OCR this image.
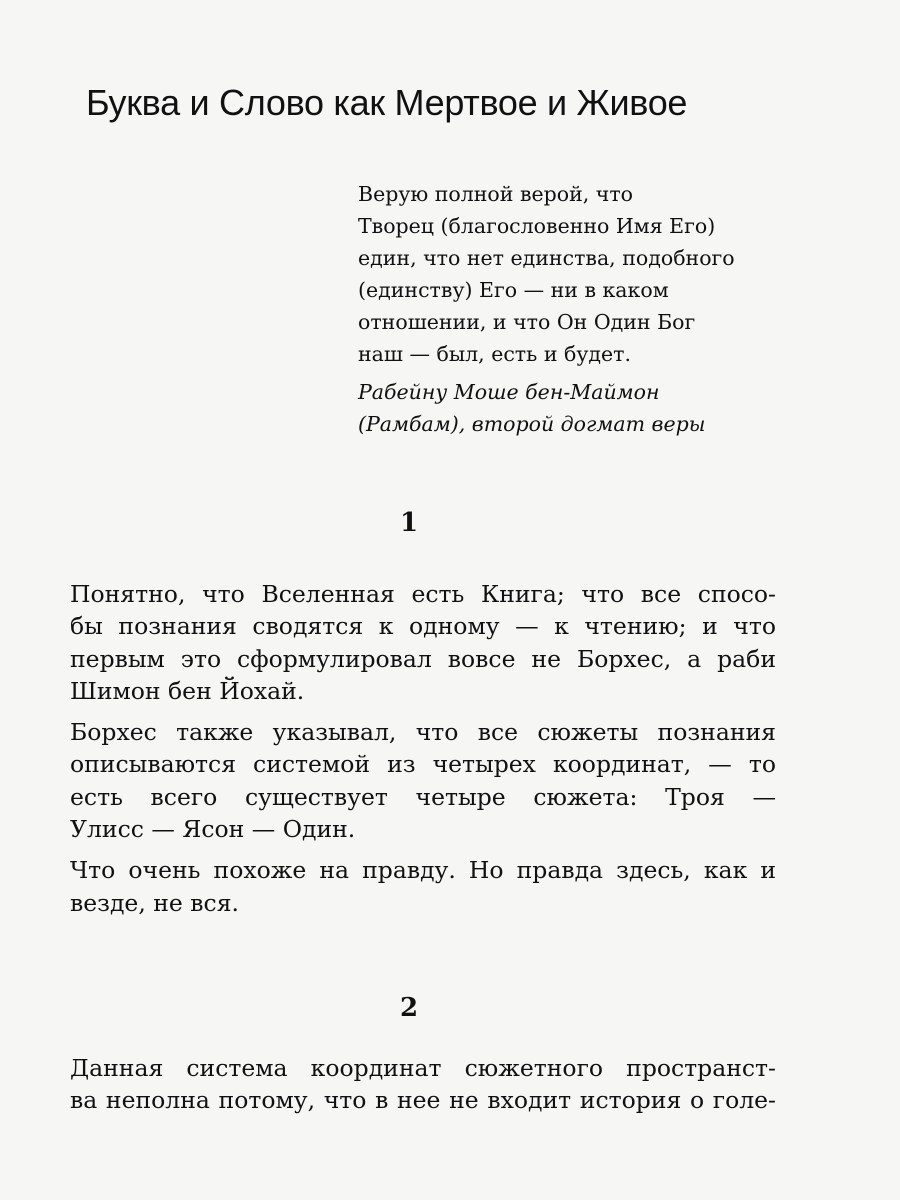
Буква и Слово как Мертвое и Живое
Верую полной верой, что
Творец (благословенно Имя Его)
един, что нет единства, подобного
(единству) Его — ни в каком
отношении, и что Он Один Бог
наш — был, есть и будет.
Рабейну Моше бен-Маймон
(Рамбам), второй догмат веры
1
Понятно, что Вселенная есть Книга; что все спосо-
бы познания сводятся к одному — к чтению; и что
первым это сформулировал вовсе не Борхес, а раби
Шимон бен Йохай.
Борхес также указывал, что все сюжеты познания
описываются системой из четырех координат, — то
есть всего существует четыре сюжета: Троя —
Улисс — Ясон — Один.
Что очень похоже на правду. Но правда здесь, как и
везде, не вся.
2
Данная система координат сюжетного пространст-
ва неполна потому, что в нее не входит история о голе-
